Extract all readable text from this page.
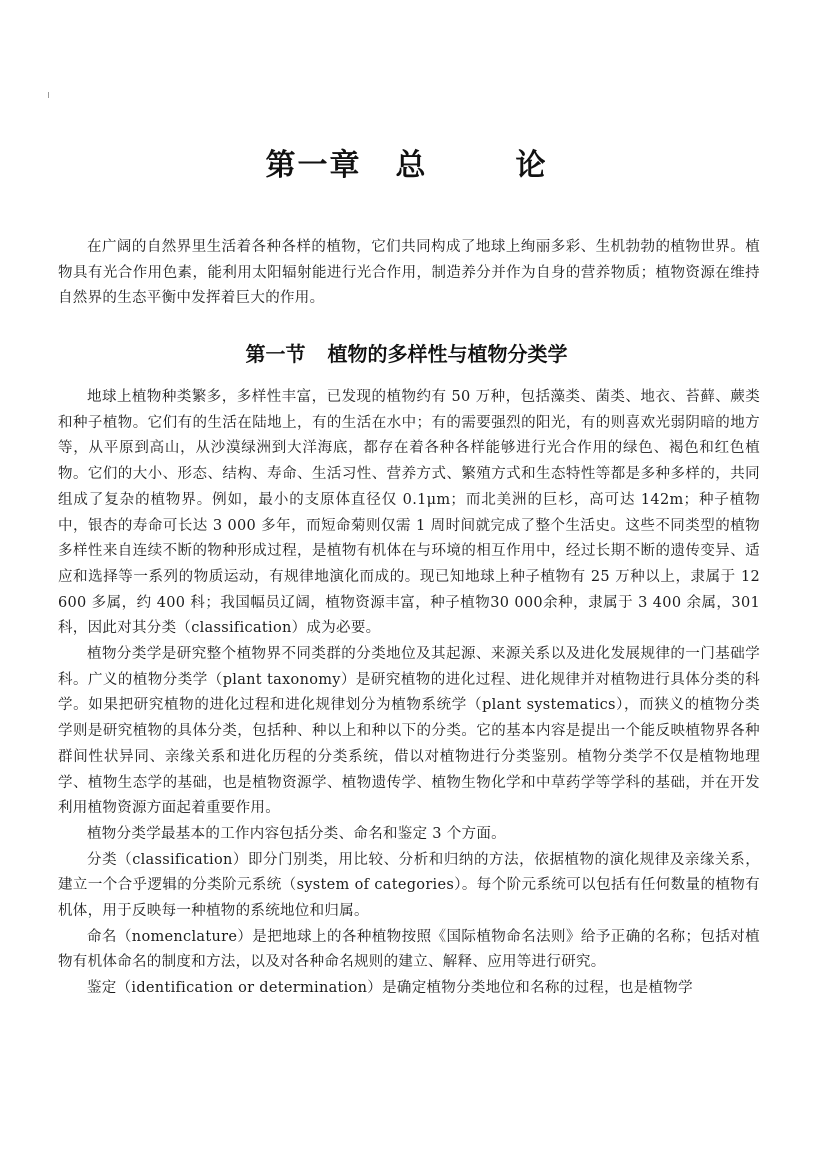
第一章 总	论

在广阔的自然界里生活着各种各样的植物，它们共同构成了地球上绚丽多彩、生机勃勃的植物世界。植物具有光合作用色素，能利用太阳辐射能进行光合作用，制造养分并作为自身的营养物质；植物资源在维持自然界的生态平衡中发挥着巨大的作用。

第一节 植物的多样性与植物分类学

地球上植物种类繁多，多样性丰富，已发现的植物约有 50 万种，包括藻类、菌类、地衣、苔藓、蕨类和种子植物。它们有的生活在陆地上，有的生活在水中；有的需要强烈的阳光，有的则喜欢光弱阴暗的地方等，从平原到高山，从沙漠绿洲到大洋海底，都存在着各种各样能够进行光合作用的绿色、褐色和红色植物。它们的大小、形态、结构、寿命、生活习性、营养方式、繁殖方式和生态特性等都是多种多样的，共同组成了复杂的植物界。例如，最小的支原体直径仅 0.1μm；而北美洲的巨杉，高可达 142m；种子植物中，银杏的寿命可长达 3 000 多年，而短命菊则仅需 1 周时间就完成了整个生活史。这些不同类型的植物多样性来自连续不断的物种形成过程，是植物有机体在与环境的相互作用中，经过长期不断的遗传变异、适应和选择等一系列的物质运动，有规律地演化而成的。现已知地球上种子植物有 25 万种以上，隶属于 12 600 多属，约 400 科；我国幅员辽阔，植物资源丰富，种子植物30 000余种，隶属于 3 400 余属，301 科，因此对其分类（classification）成为必要。

植物分类学是研究整个植物界不同类群的分类地位及其起源、来源关系以及进化发展规律的一门基础学科。广义的植物分类学（plant taxonomy）是研究植物的进化过程、进化规律并对植物进行具体分类的科学。如果把研究植物的进化过程和进化规律划分为植物系统学（plant systematics），而狭义的植物分类学则是研究植物的具体分类，包括种、种以上和种以下的分类。它的基本内容是提出一个能反映植物界各种群间性状异同、亲缘关系和进化历程的分类系统，借以对植物进行分类鉴别。植物分类学不仅是植物地理学、植物生态学的基础，也是植物资源学、植物遗传学、植物生物化学和中草药学等学科的基础，并在开发利用植物资源方面起着重要作用。

植物分类学最基本的工作内容包括分类、命名和鉴定 3 个方面。

分类（classification）即分门别类，用比较、分析和归纳的方法，依据植物的演化规律及亲缘关系，建立一个合乎逻辑的分类阶元系统（system of categories）。每个阶元系统可以包括有任何数量的植物有机体，用于反映每一种植物的系统地位和归属。

命名（nomenclature）是把地球上的各种植物按照《国际植物命名法则》给予正确的名称；包括对植物有机体命名的制度和方法，以及对各种命名规则的建立、解释、应用等进行研究。

鉴定（identification or determination）是确定植物分类地位和名称的过程，也是植物学
